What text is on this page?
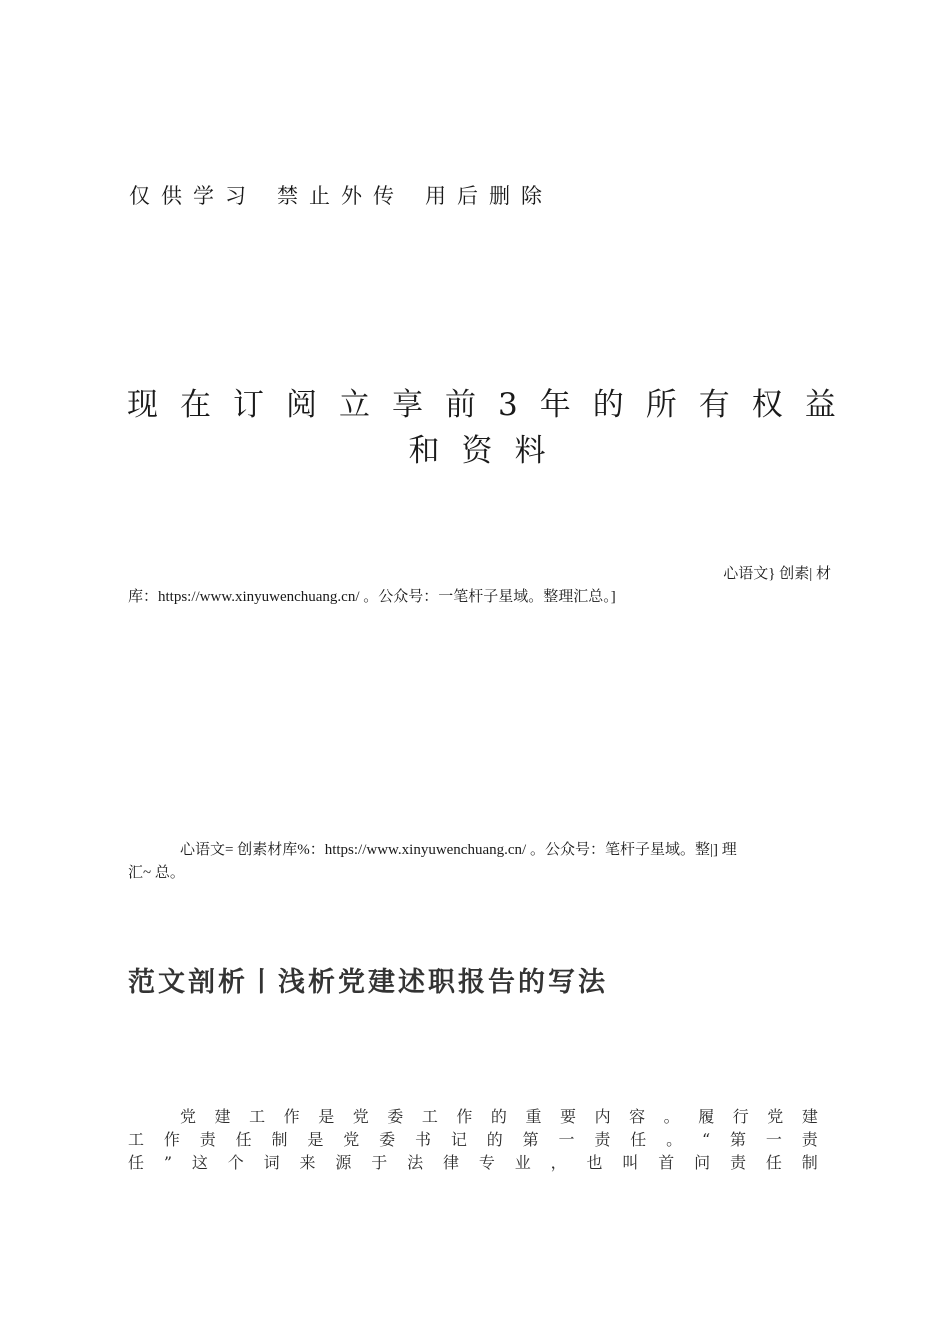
仅供学习 禁止外传 用后删除
现在订阅立享前3年的所有权益
和资料
心语文} 创素| 材
库：https://www.xinyuwenchuang.cn/ 。公众号：一笔杆子星域。整理汇总。]
心语文= 创素材库%：https://www.xinyuwenchuang.cn/ 。公众号：笔杆子星域。整|] 理
汇~ 总。
范文剖析丨浅析党建述职报告的写法
党 建 工 作 是 党 委 工 作 的 重 要 内 容 。 履 行 党 建
工 作 责 任 制 是 党 委 书 记 的 第 一 责 任 。 “ 第 一 责
任 ” 这 个 词 来 源 于 法 律 专 业 ， 也 叫 首 问 责 任 制
